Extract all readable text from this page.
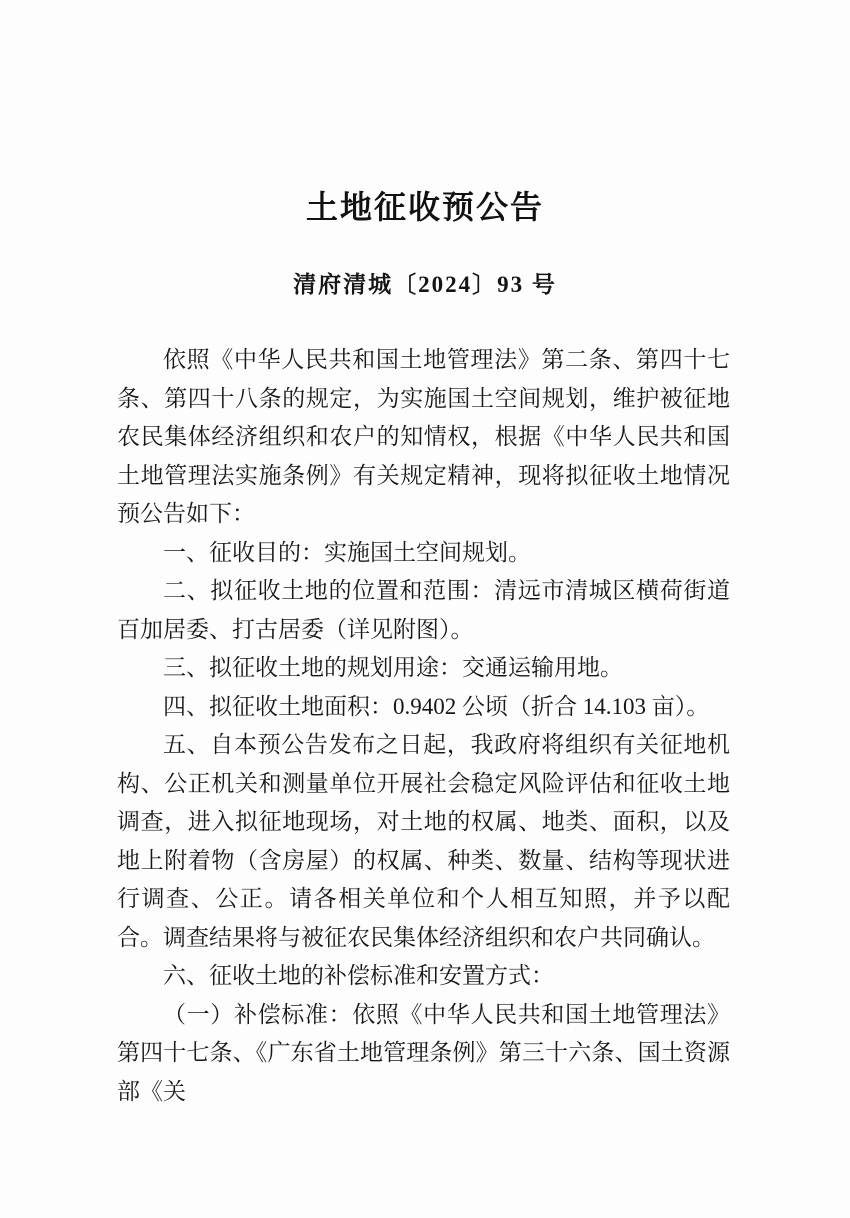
土地征收预公告
清府清城〔2024〕93 号

依照《中华人民共和国土地管理法》第二条、第四十七条、第四十八条的规定，为实施国土空间规划，维护被征地农民集体经济组织和农户的知情权，根据《中华人民共和国土地管理法实施条例》有关规定精神，现将拟征收土地情况预公告如下：

一、征收目的：实施国土空间规划。

二、拟征收土地的位置和范围：清远市清城区横荷街道百加居委、打古居委（详见附图）。

三、拟征收土地的规划用途：交通运输用地。

四、拟征收土地面积：0.9402 公顷（折合 14.103 亩）。

五、自本预公告发布之日起，我政府将组织有关征地机构、公正机关和测量单位开展社会稳定风险评估和征收土地调查，进入拟征地现场，对土地的权属、地类、面积，以及地上附着物（含房屋）的权属、种类、数量、结构等现状进行调查、公正。请各相关单位和个人相互知照，并予以配合。调查结果将与被征农民集体经济组织和农户共同确认。

六、征收土地的补偿标准和安置方式：

（一）补偿标准：依照《中华人民共和国土地管理法》第四十七条、《广东省土地管理条例》第三十六条、国土资源部《关
